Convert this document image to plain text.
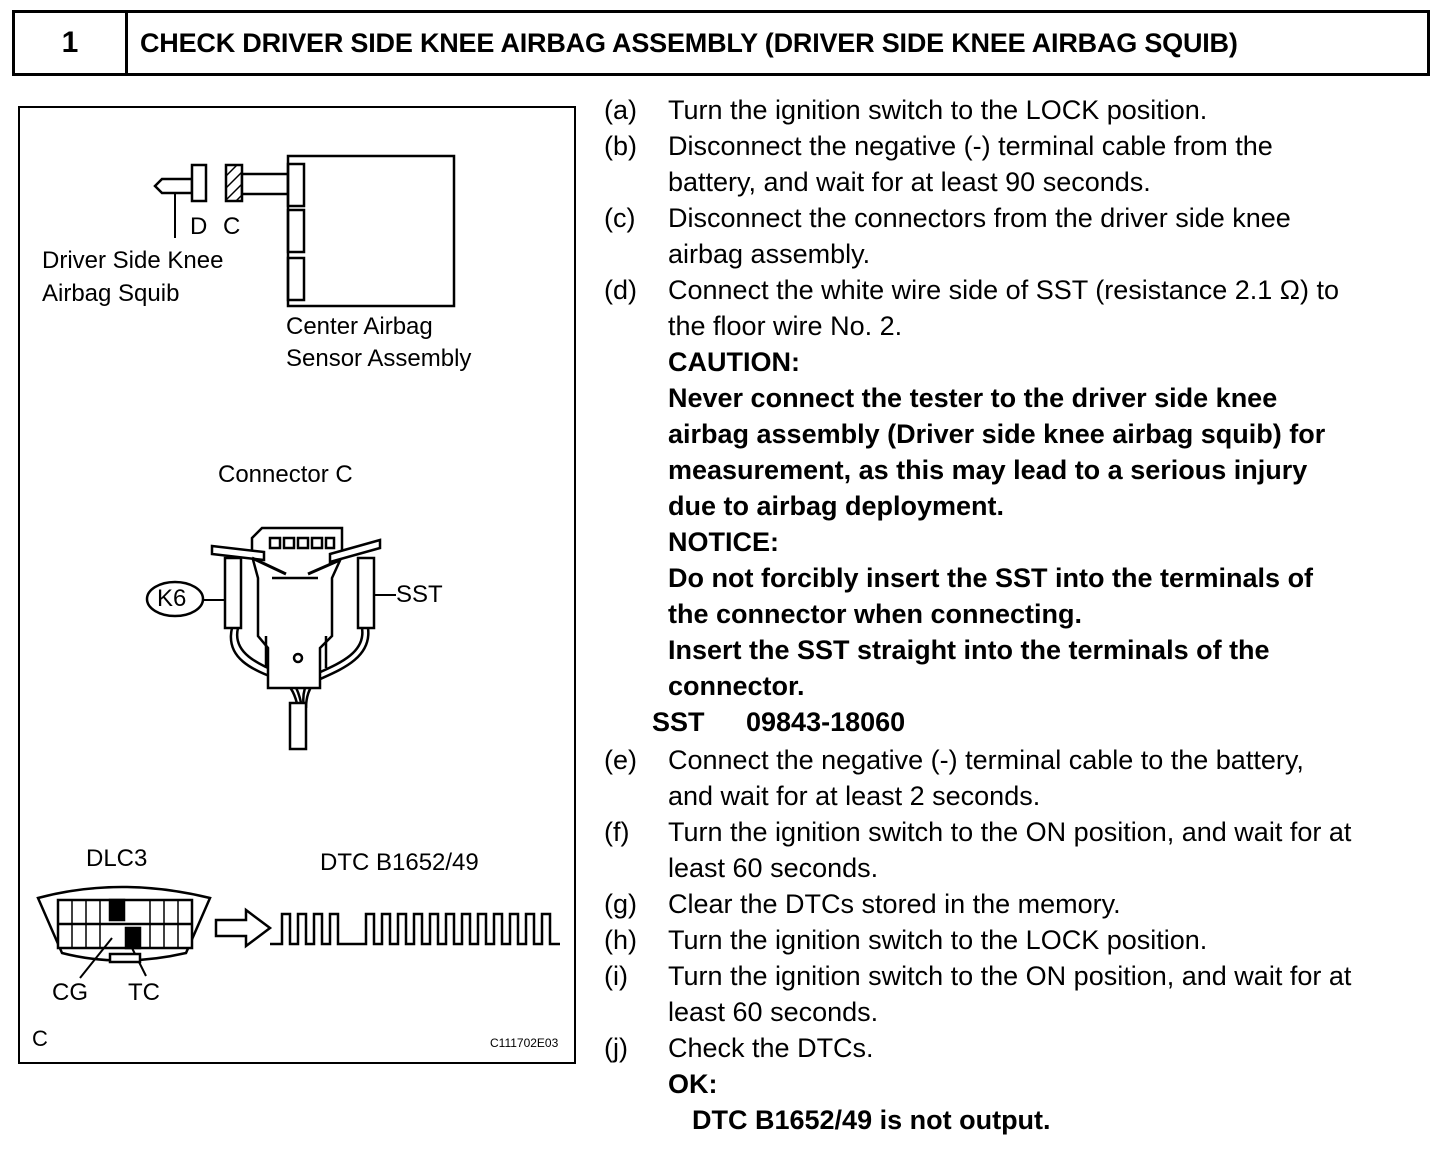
1	CHECK DRIVER SIDE KNEE AIRBAG ASSEMBLY (DRIVER SIDE KNEE AIRBAG SQUIB)
D C
Driver Side Knee
Airbag Squib
Center Airbag
Sensor Assembly
Connector C
K6	SST
DLC3	DTC B1652/49
CG TC
C	C111702E03
(a) Turn the ignition switch to the LOCK position.
(b) Disconnect the negative (-) terminal cable from the
battery, and wait for at least 90 seconds.
(c) Disconnect the connectors from the driver side knee
airbag assembly.
(d) Connect the white wire side of SST (resistance 2.1 Ω) to
the floor wire No. 2.
CAUTION:
Never connect the tester to the driver side knee
airbag assembly (Driver side knee airbag squib) for
measurement, as this may lead to a serious injury
due to airbag deployment.
NOTICE:
Do not forcibly insert the SST into the terminals of
the connector when connecting.
Insert the SST straight into the terminals of the
connector.
SST 09843-18060
(e) Connect the negative (-) terminal cable to the battery,
and wait for at least 2 seconds.
(f) Turn the ignition switch to the ON position, and wait for at
least 60 seconds.
(g) Clear the DTCs stored in the memory.
(h) Turn the ignition switch to the LOCK position.
(i) Turn the ignition switch to the ON position, and wait for at
least 60 seconds.
(j) Check the DTCs.
OK:
DTC B1652/49 is not output.
